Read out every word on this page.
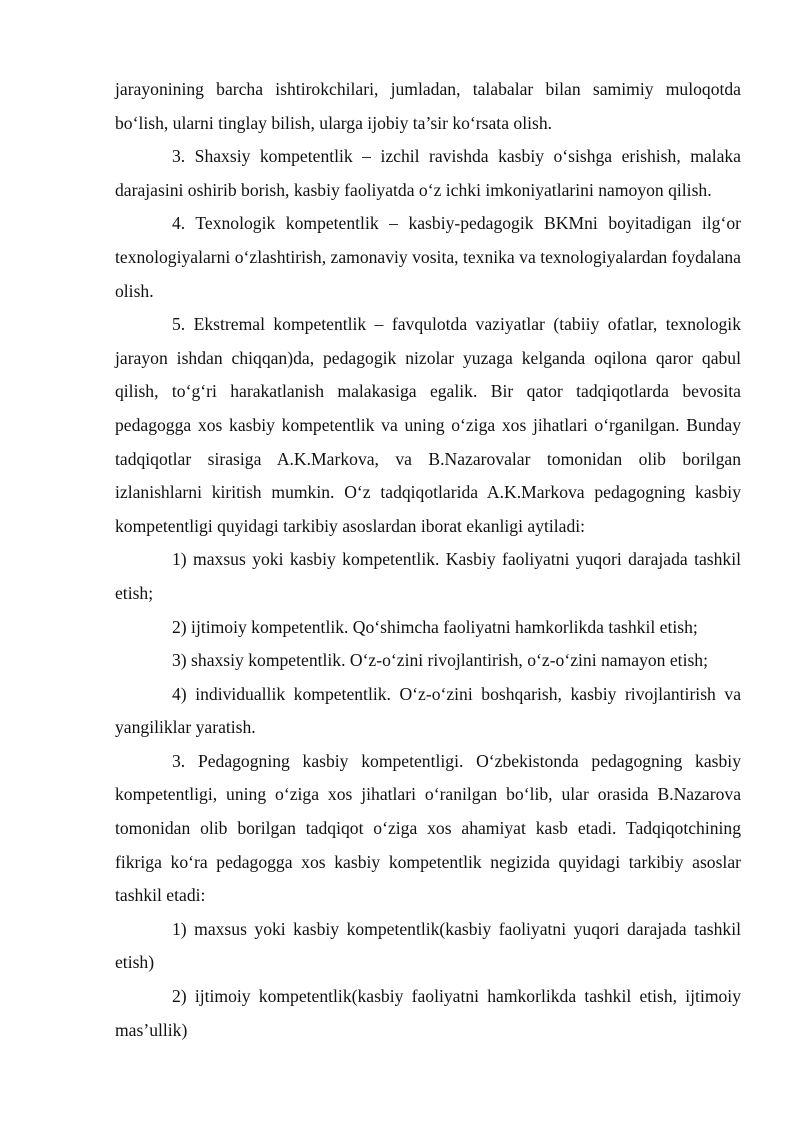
jarayonining barcha ishtirokchilari, jumladan, talabalar bilan samimiy muloqotda bo‘lish, ularni tinglay bilish, ularga ijobiy ta’sir ko‘rsata olish.

3. Shaxsiy kompetentlik – izchil ravishda kasbiy o‘sishga erishish, malaka darajasini oshirib borish, kasbiy faoliyatda o‘z ichki imkoniyatlarini namoyon qilish.

4. Texnologik kompetentlik – kasbiy-pedagogik BKMni boyitadigan ilg‘or texnologiyalarni o‘zlashtirish, zamonaviy vosita, texnika va texnologiyalardan foydalana olish.

5. Ekstremal kompetentlik – favqulotda vaziyatlar (tabiiy ofatlar, texnologik jarayon ishdan chiqqan)da, pedagogik nizolar yuzaga kelganda oqilona qaror qabul qilish, to‘g‘ri harakatlanish malakasiga egalik. Bir qator tadqiqotlarda bevosita pedagogga xos kasbiy kompetentlik va uning o‘ziga xos jihatlari o‘rganilgan. Bunday tadqiqotlar sirasiga A.K.Markova, va B.Nazarovalar tomonidan olib borilgan izlanishlarni kiritish mumkin. O‘z tadqiqotlarida A.K.Markova pedagogning kasbiy kompetentligi quyidagi tarkibiy asoslardan iborat ekanligi aytiladi:

1) maxsus yoki kasbiy kompetentlik. Kasbiy faoliyatni yuqori darajada tashkil etish;

2) ijtimoiy kompetentlik. Qo‘shimcha faoliyatni hamkorlikda tashkil etish;

3) shaxsiy kompetentlik. O‘z-o‘zini rivojlantirish, o‘z-o‘zini namayon etish;

4) individuallik kompetentlik. O‘z-o‘zini boshqarish, kasbiy rivojlantirish va yangiliklar yaratish.

3. Pedagogning kasbiy kompetentligi. O‘zbekistonda pedagogning kasbiy kompetentligi, uning o‘ziga xos jihatlari o‘ranilgan bo‘lib, ular orasida B.Nazarova tomonidan olib borilgan tadqiqot o‘ziga xos ahamiyat kasb etadi. Tadqiqotchining fikriga ko‘ra pedagogga xos kasbiy kompetentlik negizida quyidagi tarkibiy asoslar tashkil etadi:

1) maxsus yoki kasbiy kompetentlik(kasbiy faoliyatni yuqori darajada tashkil etish)

2) ijtimoiy kompetentlik(kasbiy faoliyatni hamkorlikda tashkil etish, ijtimoiy mas’ullik)
